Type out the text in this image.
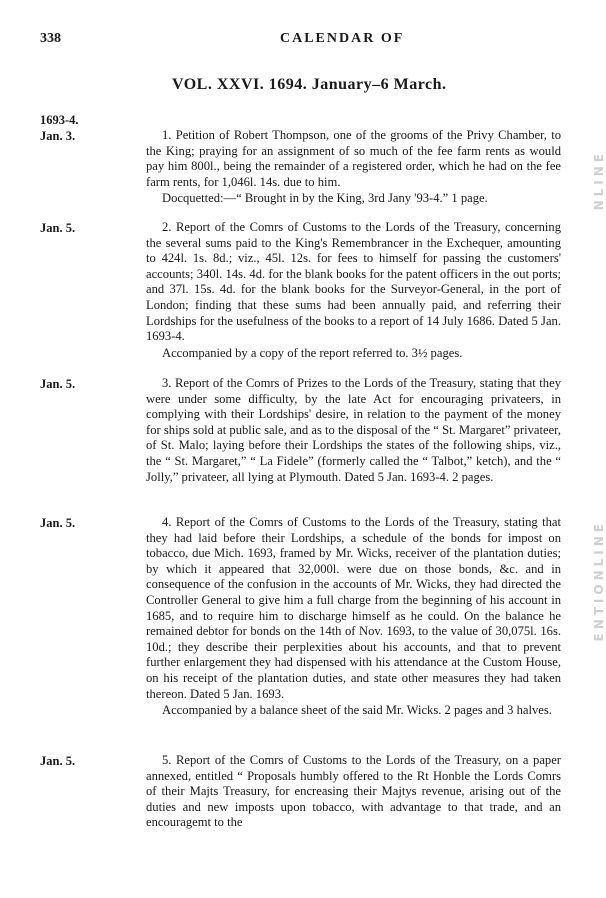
338	CALENDAR OF
VOL. XXVI. 1694. January–6 March.
1693-4.
Jan. 3.	1. Petition of Robert Thompson, one of the grooms of the Privy Chamber, to the King; praying for an assignment of so much of the fee farm rents as would pay him 800l., being the remainder of a registered order, which he had on the fee farm rents, for 1,046l. 14s. due to him.

Docquetted:—“ Brought in by the King, 3rd Jany '93-4.” 1 page.

Jan. 5.	2. Report of the Comrs of Customs to the Lords of the Treasury, concerning the several sums paid to the King's Remembrancer in the Exchequer, amounting to 424l. 1s. 8d.; viz., 45l. 12s. for fees to himself for passing the customers' accounts; 340l. 14s. 4d. for the blank books for the patent officers in the out ports; and 37l. 15s. 4d. for the blank books for the Surveyor-General, in the port of London; finding that these sums had been annually paid, and referring their Lordships for the usefulness of the books to a report of 14 July 1686. Dated 5 Jan. 1693-4.

Accompanied by a copy of the report referred to. 3½ pages.

Jan. 5.	3. Report of the Comrs of Prizes to the Lords of the Treasury, stating that they were under some difficulty, by the late Act for encouraging privateers, in complying with their Lordships' desire, in relation to the payment of the money for ships sold at public sale, and as to the disposal of the “ St. Margaret” privateer, of St. Malo; laying before their Lordships the states of the following ships, viz., the “ St. Margaret,” “ La Fidele” (formerly called the “ Talbot,” ketch), and the “ Jolly,” privateer, all lying at Plymouth. Dated 5 Jan. 1693-4. 2 pages.

Jan. 5.	4. Report of the Comrs of Customs to the Lords of the Treasury, stating that they had laid before their Lordships, a schedule of the bonds for impost on tobacco, due Mich. 1693, framed by Mr. Wicks, receiver of the plantation duties; by which it appeared that 32,000l. were due on those bonds, &c. and in consequence of the confusion in the accounts of Mr. Wicks, they had directed the Controller General to give him a full charge from the beginning of his account in 1685, and to require him to discharge himself as he could. On the balance he remained debtor for bonds on the 14th of Nov. 1693, to the value of 30,075l. 16s. 10d.; they describe their perplexities about his accounts, and that to prevent further enlargement they had dispensed with his attendance at the Custom House, on his receipt of the plantation duties, and state other measures they had taken thereon. Dated 5 Jan. 1693.

Accompanied by a balance sheet of the said Mr. Wicks. 2 pages and 3 halves.

Jan. 5.	5. Report of the Comrs of Customs to the Lords of the Treasury, on a paper annexed, entitled “ Proposals humbly offered to the Rt Honble the Lords Comrs of their Majts Treasury, for encreasing their Majtys revenue, arising out of the duties and new imposts upon tobacco, with advantage to that trade, and an encouragemt to the

NLINE
ENTIONLINE
